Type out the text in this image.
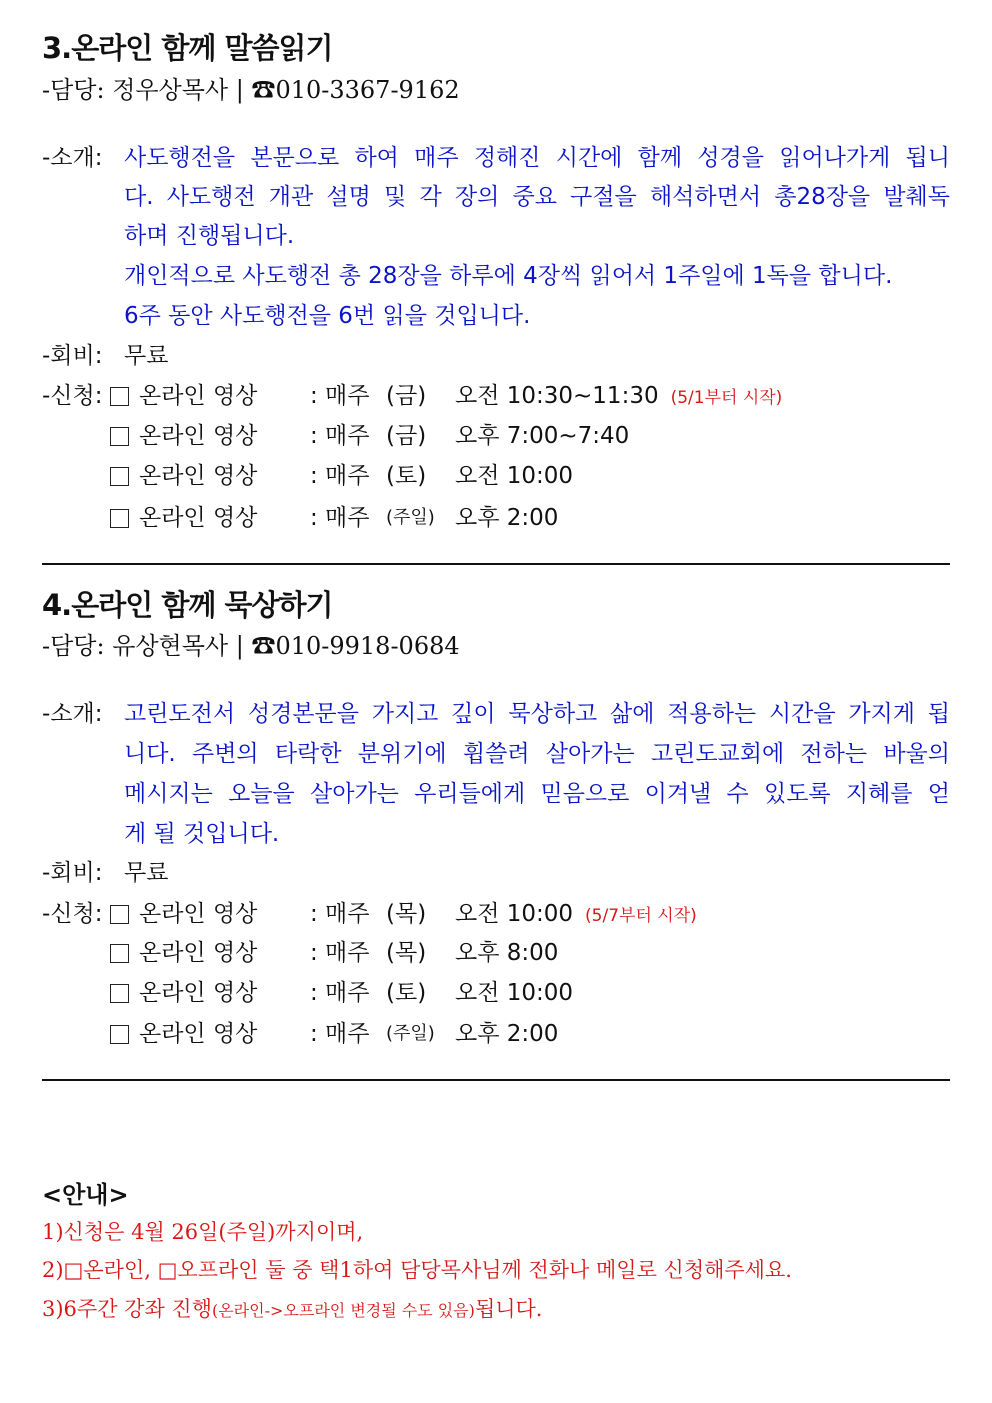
3.온라인 함께 말씀읽기
-담당: 정우상목사 | ☎010-3367-9162
-소개: 사도행전을 본문으로 하여 매주 정해진 시간에 함께 성경을 읽어나가게 됩니
다. 사도행전 개관 설명 및 각 장의 중요 구절을 해석하면서 총28장을 발췌독
하며 진행됩니다.
개인적으로 사도행전 총 28장을 하루에 4장씩 읽어서 1주일에 1독을 합니다.
6주 동안 사도행전을 6번 읽을 것입니다.
-회비: 무료
-신청:	온라인 영상 : 매주 (금) 오전 10:30~11:30 (5/1부터 시작)
온라인 영상 : 매주 (금) 오후 7:00~7:40
온라인 영상 : 매주 (토) 오전 10:00
온라인 영상 : 매주 (주일) 오후 2:00
4.온라인 함께 묵상하기
-담당: 유상현목사 | ☎010-9918-0684
-소개: 고린도전서 성경본문을 가지고 깊이 묵상하고 삶에 적용하는 시간을 가지게 됩
니다. 주변의 타락한 분위기에 휩쓸려 살아가는 고린도교회에 전하는 바울의
메시지는 오늘을 살아가는 우리들에게 믿음으로 이겨낼 수 있도록 지혜를 얻
게 될 것입니다.
-회비: 무료
-신청:	온라인 영상 : 매주 (목) 오전 10:00 (5/7부터 시작)
온라인 영상 : 매주 (목) 오후 8:00
온라인 영상 : 매주 (토) 오전 10:00
온라인 영상 : 매주 (주일) 오후 2:00
<안내>
1)신청은 4월 26일(주일)까지이며,
2)□온라인, □오프라인 둘 중 택1하여 담당목사님께 전화나 메일로 신청해주세요.
3)6주간 강좌 진행(온라인->오프라인 변경될 수도 있음)됩니다.
